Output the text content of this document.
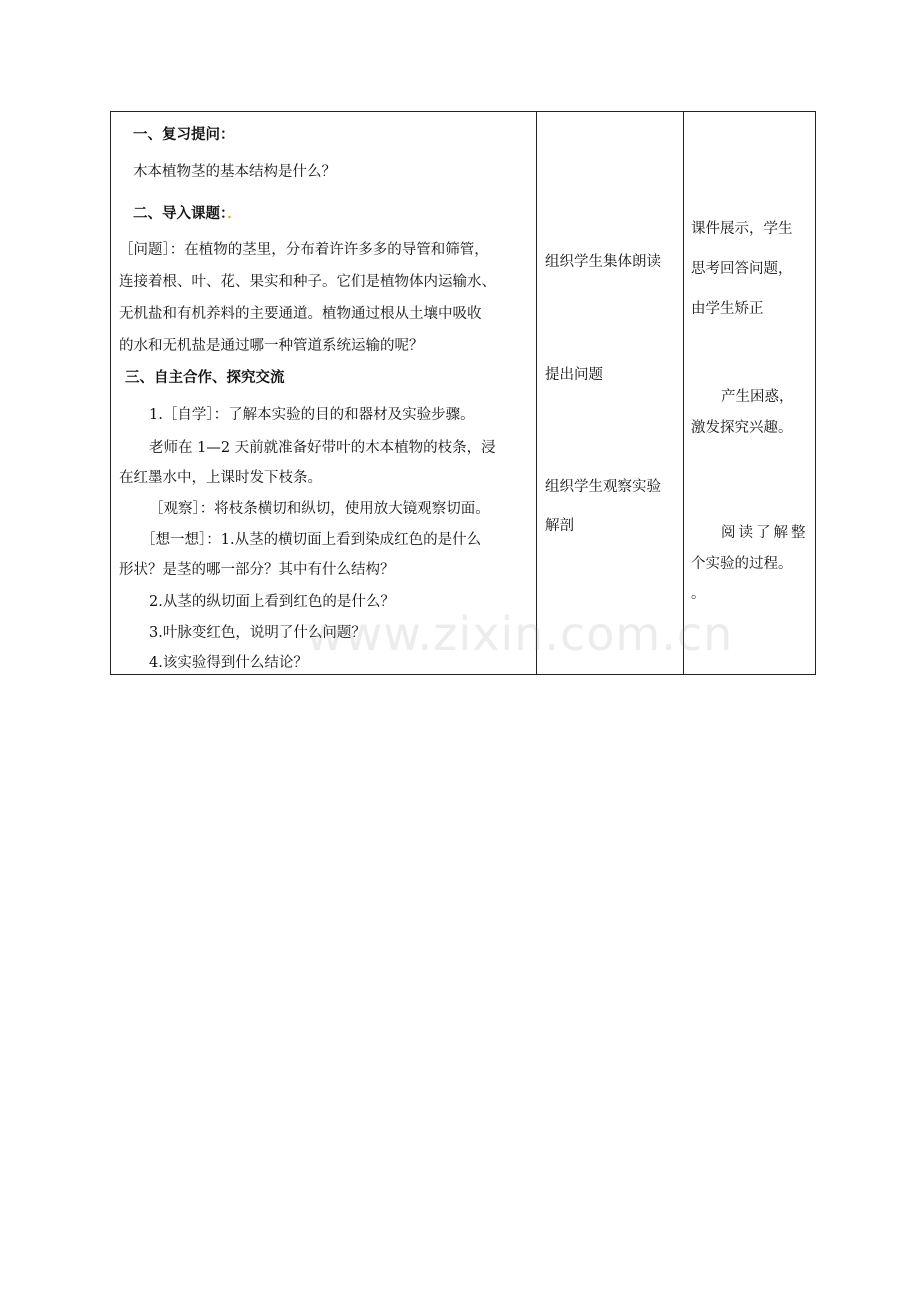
一、复习提问：
木本植物茎的基本结构是什么？
二、导入课题：．
［问题］：在植物的茎里，分布着许许多多的导管和筛管，
连接着根、叶、花、果实和种子。它们是植物体内运输水、
无机盐和有机养料的主要通道。植物通过根从土壤中吸收
的水和无机盐是通过哪一种管道系统运输的呢？
三、自主合作、探究交流
1.［自学］：了解本实验的目的和器材及实验步骤。
老师在 1—2 天前就准备好带叶的木本植物的枝条，浸
在红墨水中，上课时发下枝条。
［观察］：将枝条横切和纵切，使用放大镜观察切面。
［想一想］：1.从茎的横切面上看到染成红色的是什么
形状？是茎的哪一部分？其中有什么结构？
2.从茎的纵切面上看到红色的是什么？
3.叶脉变红色，说明了什么问题？
4.该实验得到什么结论？
组织学生集体朗读
提出问题
组织学生观察实验
解剖
课件展示，学生
思考回答问题，
由学生矫正
产生困惑，
激发探究兴趣。
阅读了解整
个实验的过程。
。
www.zixin.com.cn
